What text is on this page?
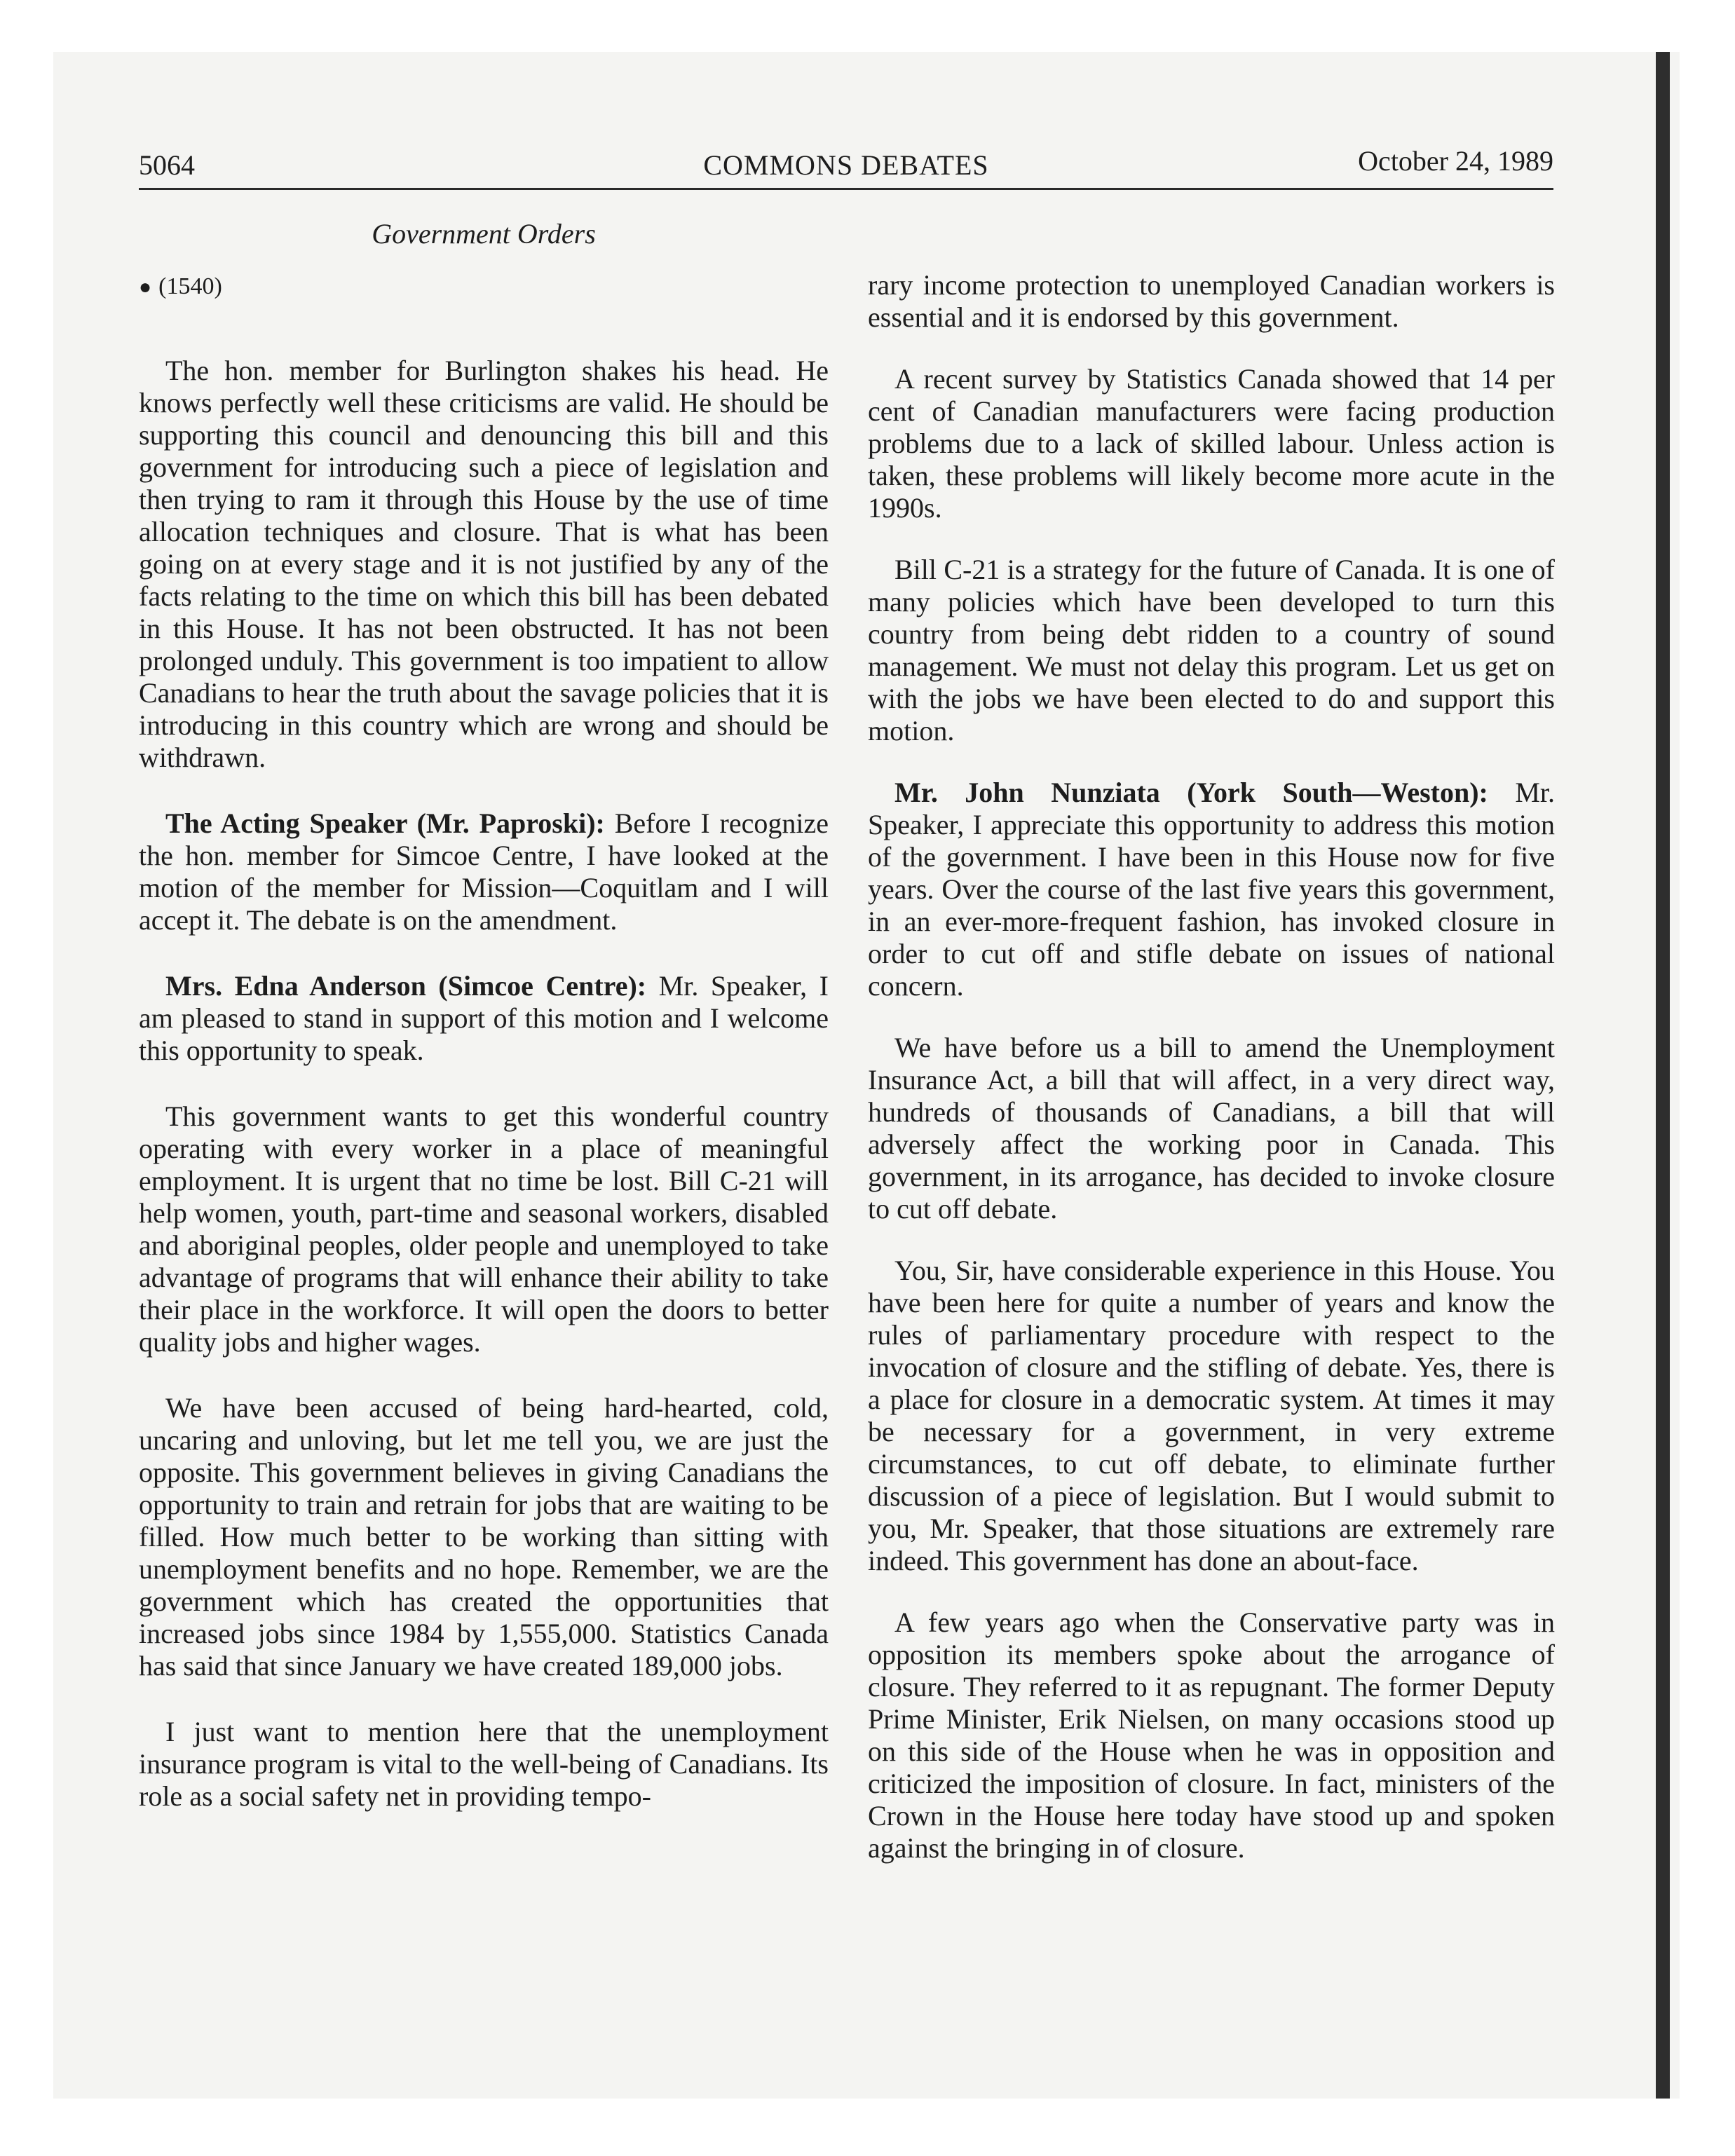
5064	COMMONS DEBATES	October 24, 1989
Government Orders
● (1540)

The hon. member for Burlington shakes his head. He knows perfectly well these criticisms are valid. He should be supporting this council and denouncing this bill and this government for introducing such a piece of legislation and then trying to ram it through this House by the use of time allocation techniques and closure. That is what has been going on at every stage and it is not justified by any of the facts relating to the time on which this bill has been debated in this House. It has not been obstructed. It has not been prolonged unduly. This government is too impatient to allow Canadians to hear the truth about the savage policies that it is introducing in this country which are wrong and should be withdrawn.

The Acting Speaker (Mr. Paproski): Before I recognize the hon. member for Simcoe Centre, I have looked at the motion of the member for Mission—Coquitlam and I will accept it. The debate is on the amendment.

Mrs. Edna Anderson (Simcoe Centre): Mr. Speaker, I am pleased to stand in support of this motion and I welcome this opportunity to speak.

This government wants to get this wonderful country operating with every worker in a place of meaningful employment. It is urgent that no time be lost. Bill C-21 will help women, youth, part-time and seasonal workers, disabled and aboriginal peoples, older people and unemployed to take advantage of programs that will enhance their ability to take their place in the workforce. It will open the doors to better quality jobs and higher wages.

We have been accused of being hard-hearted, cold, uncaring and unloving, but let me tell you, we are just the opposite. This government believes in giving Canadians the opportunity to train and retrain for jobs that are waiting to be filled. How much better to be working than sitting with unemployment benefits and no hope. Remember, we are the government which has created the opportunities that increased jobs since 1984 by 1,555,000. Statistics Canada has said that since January we have created 189,000 jobs.

I just want to mention here that the unemployment insurance program is vital to the well-being of Canadians. Its role as a social safety net in providing tempo-

rary income protection to unemployed Canadian workers is essential and it is endorsed by this government.

A recent survey by Statistics Canada showed that 14 per cent of Canadian manufacturers were facing production problems due to a lack of skilled labour. Unless action is taken, these problems will likely become more acute in the 1990s.

Bill C-21 is a strategy for the future of Canada. It is one of many policies which have been developed to turn this country from being debt ridden to a country of sound management. We must not delay this program. Let us get on with the jobs we have been elected to do and support this motion.

Mr. John Nunziata (York South—Weston): Mr. Speaker, I appreciate this opportunity to address this motion of the government. I have been in this House now for five years. Over the course of the last five years this government, in an ever-more-frequent fashion, has invoked closure in order to cut off and stifle debate on issues of national concern.

We have before us a bill to amend the Unemployment Insurance Act, a bill that will affect, in a very direct way, hundreds of thousands of Canadians, a bill that will adversely affect the working poor in Canada. This government, in its arrogance, has decided to invoke closure to cut off debate.

You, Sir, have considerable experience in this House. You have been here for quite a number of years and know the rules of parliamentary procedure with respect to the invocation of closure and the stifling of debate. Yes, there is a place for closure in a democratic system. At times it may be necessary for a government, in very extreme circumstances, to cut off debate, to eliminate further discussion of a piece of legislation. But I would submit to you, Mr. Speaker, that those situations are extremely rare indeed. This government has done an about-face.

A few years ago when the Conservative party was in opposition its members spoke about the arrogance of closure. They referred to it as repugnant. The former Deputy Prime Minister, Erik Nielsen, on many occasions stood up on this side of the House when he was in opposition and criticized the imposition of closure. In fact, ministers of the Crown in the House here today have stood up and spoken against the bringing in of closure.
